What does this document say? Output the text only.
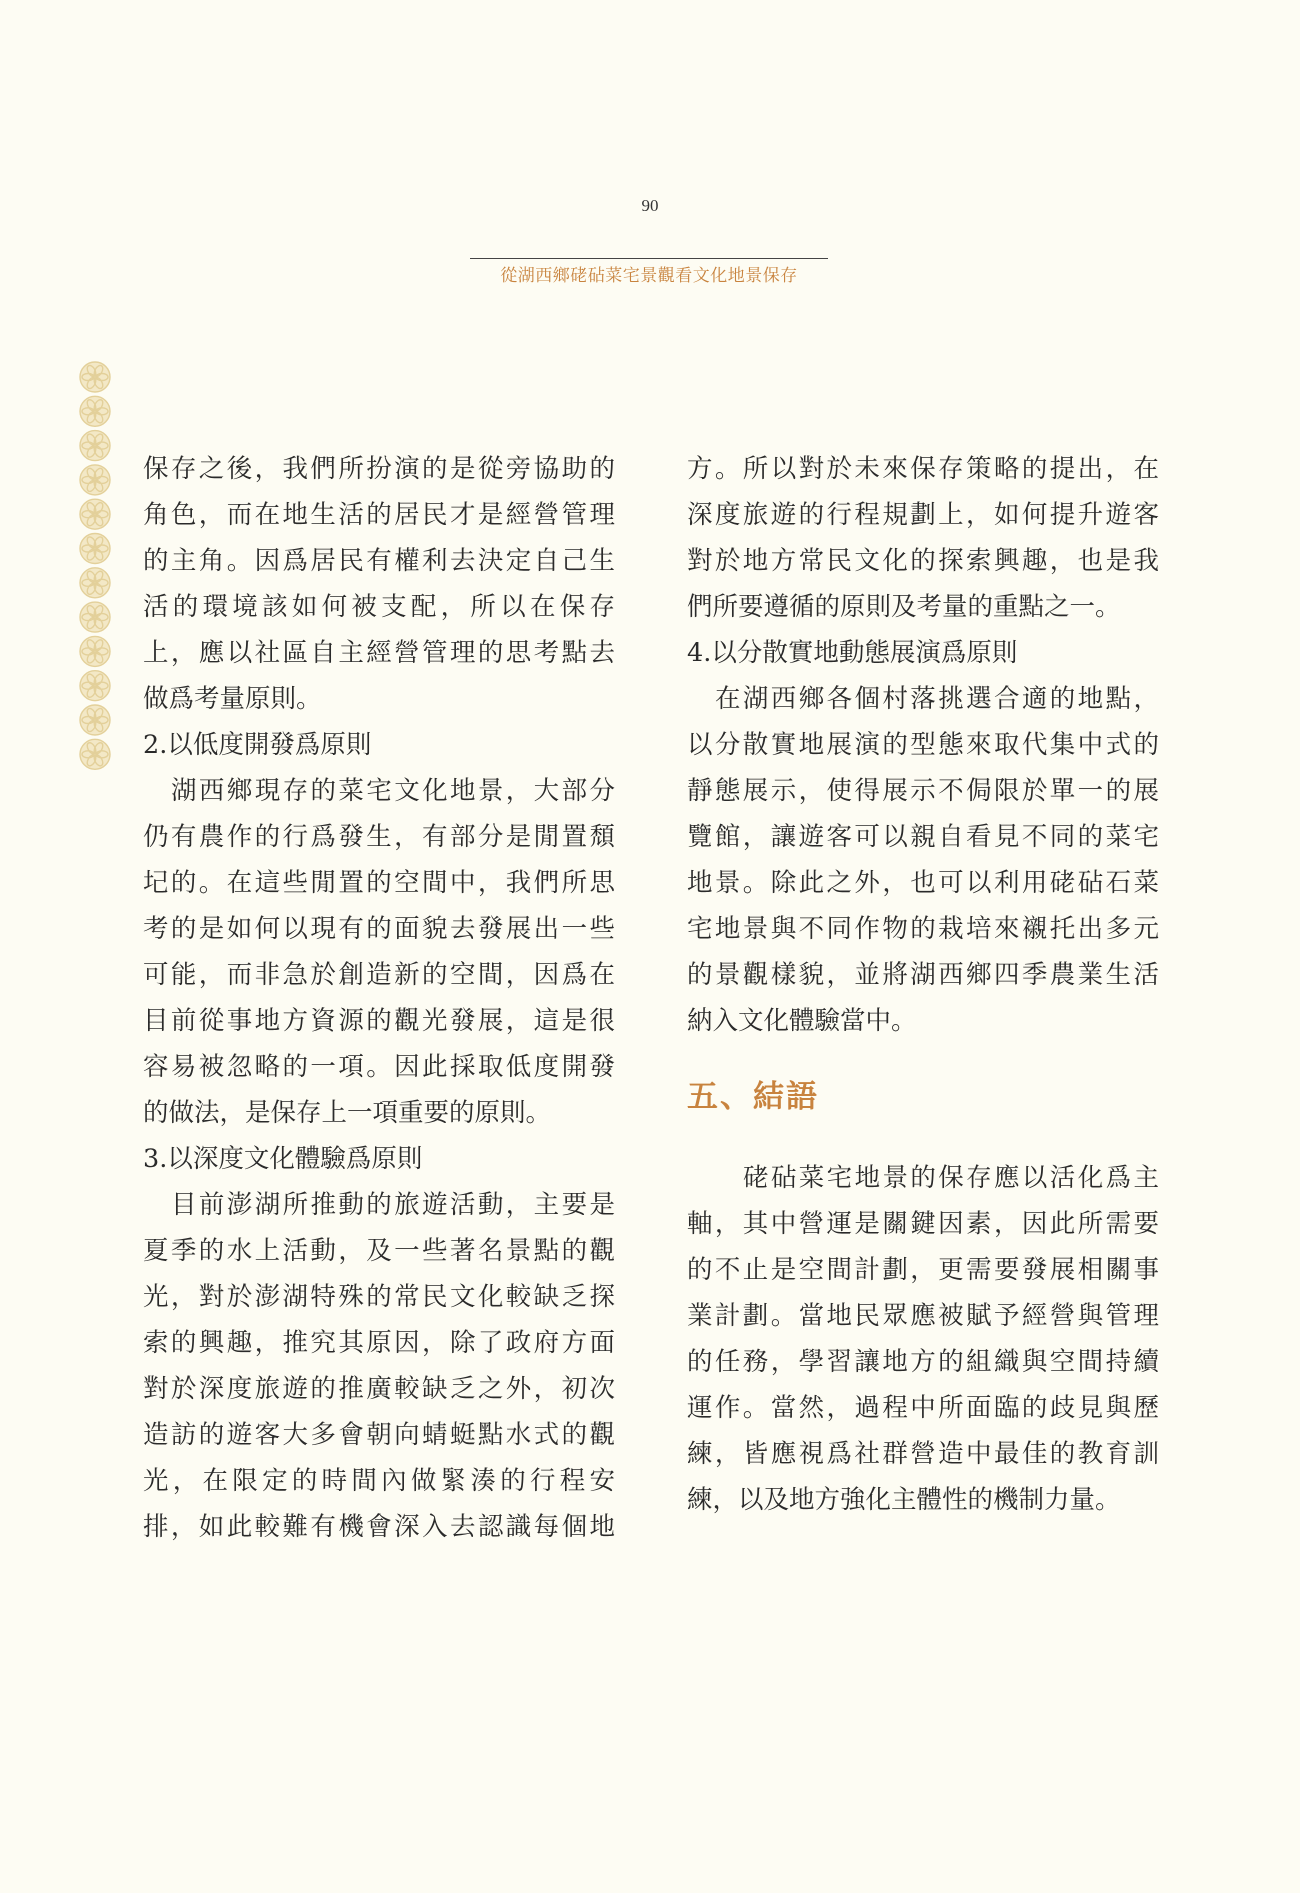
90
從湖西鄉硓砧菜宅景觀看文化地景保存
保存之後，我們所扮演的是從旁協助的
角色，而在地生活的居民才是經營管理
的主角。因爲居民有權利去決定自己生
活的環境該如何被支配，所以在保存
上，應以社區自主經營管理的思考點去
做爲考量原則。
2.以低度開發爲原則
湖西鄉現存的菜宅文化地景，大部分
仍有農作的行爲發生，有部分是閒置頹
圮的。在這些閒置的空間中，我們所思
考的是如何以現有的面貌去發展出一些
可能，而非急於創造新的空間，因爲在
目前從事地方資源的觀光發展，這是很
容易被忽略的一項。因此採取低度開發
的做法，是保存上一項重要的原則。
3.以深度文化體驗爲原則
目前澎湖所推動的旅遊活動，主要是
夏季的水上活動，及一些著名景點的觀
光，對於澎湖特殊的常民文化較缺乏探
索的興趣，推究其原因，除了政府方面
對於深度旅遊的推廣較缺乏之外，初次
造訪的遊客大多會朝向蜻蜓點水式的觀
光，在限定的時間內做緊湊的行程安
排，如此較難有機會深入去認識每個地
方。所以對於未來保存策略的提出，在
深度旅遊的行程規劃上，如何提升遊客
對於地方常民文化的探索興趣，也是我
們所要遵循的原則及考量的重點之一。
4.以分散實地動態展演爲原則
在湖西鄉各個村落挑選合適的地點，
以分散實地展演的型態來取代集中式的
靜態展示，使得展示不侷限於單一的展
覽館，讓遊客可以親自看見不同的菜宅
地景。除此之外，也可以利用硓砧石菜
宅地景與不同作物的栽培來襯托出多元
的景觀樣貌，並將湖西鄉四季農業生活
納入文化體驗當中。
五、結語
硓砧菜宅地景的保存應以活化爲主
軸，其中營運是關鍵因素，因此所需要
的不止是空間計劃，更需要發展相關事
業計劃。當地民眾應被賦予經營與管理
的任務，學習讓地方的組織與空間持續
運作。當然，過程中所面臨的歧見與歷
練，皆應視爲社群營造中最佳的教育訓
練，以及地方強化主體性的機制力量。
